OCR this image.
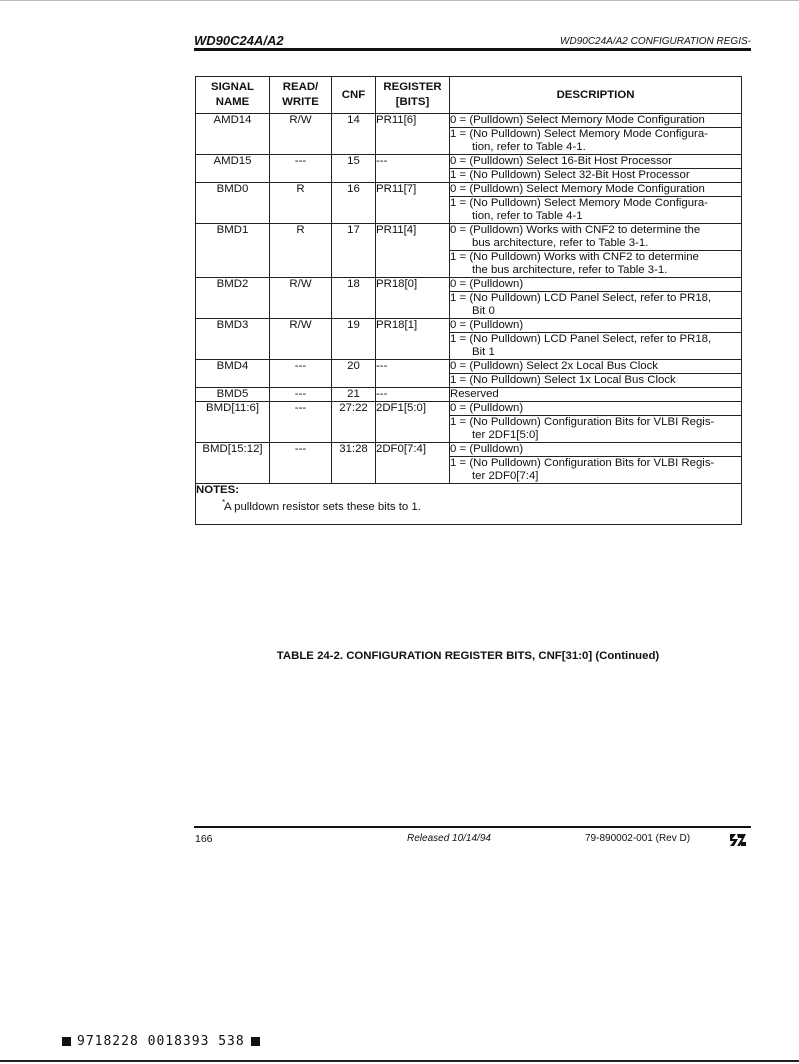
WD90C24A/A2	WD90C24A/A2 CONFIGURATION REGIS-
SIGNAL NAME	READ/ WRITE	CNF	REGISTER [BITS]	DESCRIPTION
AMD14	R/W	14	PR11[6]	0 = (Pulldown) Select Memory Mode Configuration

				1 = (No Pulldown) Select Memory Mode Configura-
tion, refer to Table 4-1.

AMD15	---	15	---	0 = (Pulldown) Select 16-Bit Host Processor

				1 = (No Pulldown) Select 32-Bit Host Processor

BMD0	R	16	PR11[7]	0 = (Pulldown) Select Memory Mode Configuration

				1 = (No Pulldown) Select Memory Mode Configura-
tion, refer to Table 4-1

BMD1	R	17	PR11[4]	0 = (Pulldown) Works with CNF2 to determine the
bus architecture, refer to Table 3-1.

				1 = (No Pulldown) Works with CNF2 to determine
the bus architecture, refer to Table 3-1.

BMD2	R/W	18	PR18[0]	0 = (Pulldown)

				1 = (No Pulldown) LCD Panel Select, refer to PR18,
Bit 0

BMD3	R/W	19	PR18[1]	0 = (Pulldown)

				1 = (No Pulldown) LCD Panel Select, refer to PR18,
Bit 1

BMD4	---	20	---	0 = (Pulldown) Select 2x Local Bus Clock

				1 = (No Pulldown) Select 1x Local Bus Clock

BMD5	---	21	---	Reserved

BMD[11:6]	---	27:22	2DF1[5:0]	0 = (Pulldown)

				1 = (No Pulldown) Configuration Bits for VLBI Regis-
ter 2DF1[5:0]

BMD[15:12]	---	31:28	2DF0[7:4]	0 = (Pulldown)

				1 = (No Pulldown) Configuration Bits for VLBI Regis-
ter 2DF0[7:4]

NOTES:
*
A pulldown resistor sets these bits to 1.				
TABLE 24-2. CONFIGURATION REGISTER BITS, CNF[31:0] (Continued)
166	Released 10/14/94	79-890002-001 (Rev D)
9718228 0018393 538
